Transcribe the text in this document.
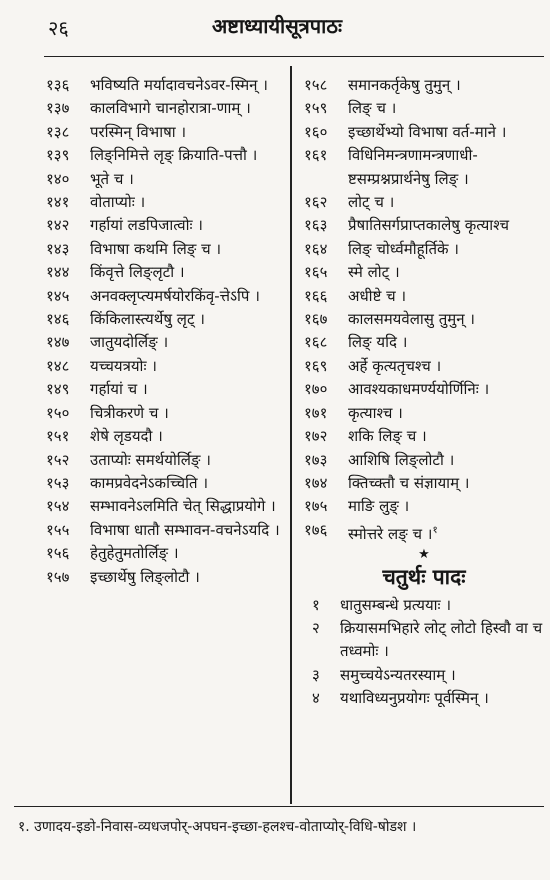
२६	अष्टाध्यायीसूत्रपाठः
१३६	भविष्यति मर्यादावचनेऽवर-स्मिन् ।
१३७	कालविभागे चानहोरात्रा-णाम् ।
१३८	परस्मिन् विभाषा ।
१३९	लिङ्निमित्ते लृङ् क्रियाति-पत्तौ ।
१४०	भूते च ।
१४१	वोताप्योः ।
१४२	गर्हायां लडपिजात्वोः ।
१४३	विभाषा कथमि लिङ् च ।
१४४	किंवृत्ते लिङ्लृटौ ।
१४५	अनवक्लृप्त्यमर्षयोरकिंवृ-त्तेऽपि ।
१४६	किंकिलास्त्यर्थेषु लृट् ।
१४७	जातुयदोर्लिङ् ।
१४८	यच्चयत्रयोः ।
१४९	गर्हायां च ।
१५०	चित्रीकरणे च ।
१५१	शेषे लृडयदौ ।
१५२	उताप्योः समर्थयोर्लिङ् ।
१५३	कामप्रवेदनेऽकच्चिति ।
१५४	सम्भावनेऽलमिति चेत् सिद्धाप्रयोगे ।
१५५	विभाषा धातौ सम्भावन-वचनेऽयदि ।
१५६	हेतुहेतुमतोर्लिङ् ।
१५७	इच्छार्थेषु लिङ्लोटौ ।
१५८	समानकर्तृकेषु तुमुन् ।
१५९	लिङ् च ।
१६०	इच्छार्थेभ्यो विभाषा वर्त-माने ।
१६१	विधिनिमन्त्रणामन्त्रणाधी-ष्टसम्प्रश्नप्रार्थनेषु लिङ् ।
१६२	लोट् च ।
१६३	प्रैषातिसर्गप्राप्तकालेषु कृत्याश्च
१६४	लिङ् चोर्ध्वमौहूर्तिके ।
१६५	स्मे लोट् ।
१६६	अधीष्टे च ।
१६७	कालसमयवेलासु तुमुन् ।
१६८	लिङ् यदि ।
१६९	अर्हे कृत्यतृचश्च ।
१७०	आवश्यकाधमर्ण्ययोर्णिनिः ।
१७१	कृत्याश्च ।
१७२	शकि लिङ् च ।
१७३	आशिषि लिङ्लोटौ ।
१७४	क्तिच्क्तौ च संज्ञायाम् ।
१७५	माङि लुङ् ।
१७६	स्मोत्तरे लङ् च ।$^१$
★
चतुर्थः पादः
१	धातुसम्बन्धे प्रत्ययाः ।
२	क्रियासमभिहारे लोट् लोटो हिस्वौ वा च तध्वमोः ।
३	समुच्चयेऽन्यतरस्याम् ।
४	यथाविध्यनुप्रयोगः पूर्वस्मिन् ।
१. उणादय-इङो-निवास-व्यधजपोर्-अपघन-इच्छा-हलश्च-वोताप्योर्-विधि-षोडश ।
